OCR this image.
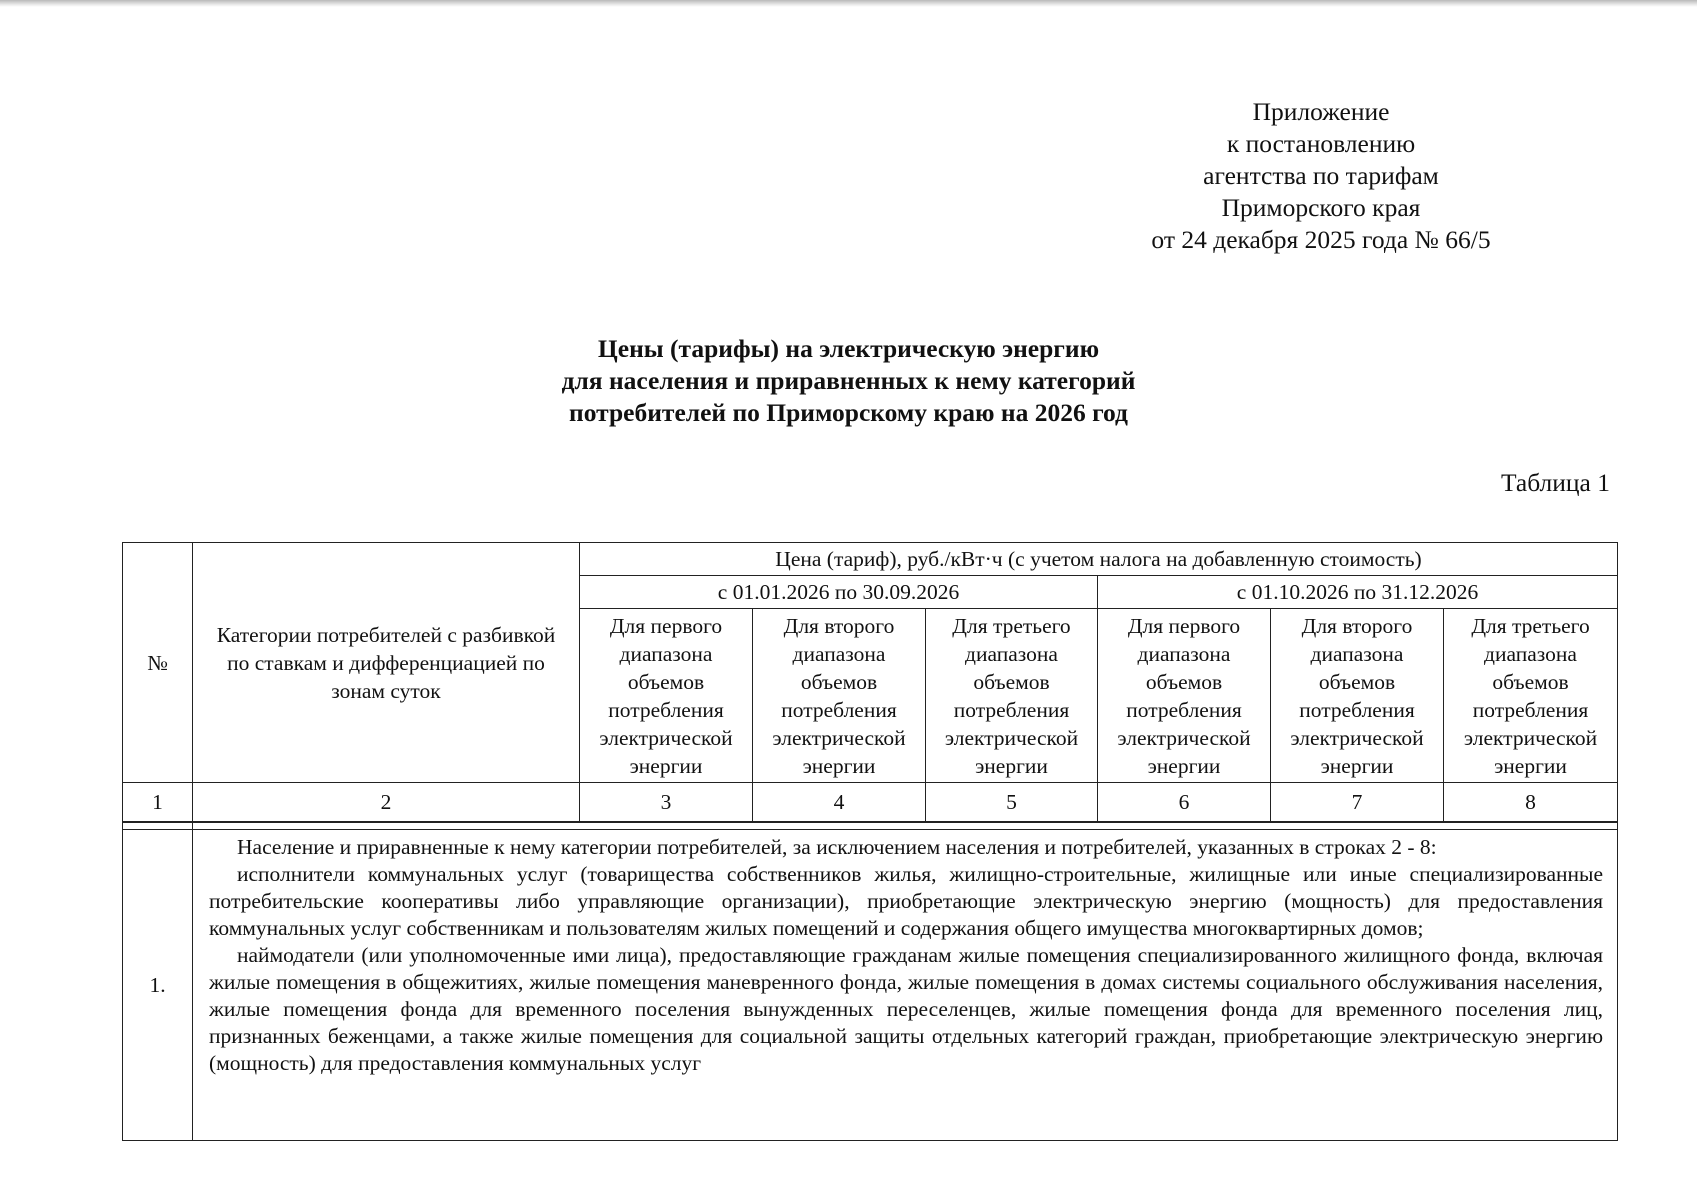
Приложение
к постановлению
агентства по тарифам
Приморского края
от 24 декабря 2025 года № 66/5
Цены (тарифы) на электрическую энергию
для населения и приравненных к нему категорий
потребителей по Приморскому краю на 2026 год
Таблица 1
№	Категории потребителей с разбивкой по ставкам и дифференциацией по зонам суток	Цена (тариф), руб./кВт·ч (с учетом налога на добавленную стоимость)					
		с 01.01.2026 по 30.09.2026			с 01.10.2026 по 31.12.2026		
		Для первого диапазона объемов потребления электрической энергии	Для второго диапазона объемов потребления электрической энергии	Для третьего диапазона объемов потребления электрической энергии	Для первого диапазона объемов потребления электрической энергии	Для второго диапазона объемов потребления электрической энергии	Для третьего диапазона объемов потребления электрической энергии
1	2	3	4	5	6	7	8

1.	Население и приравненные к нему категории потребителей, за исключением населения и потребителей, указанных в строках 2 - 8:

исполнители коммунальных услуг (товарищества собственников жилья, жилищно-строительные, жилищные или иные специализированные потребительские кооперативы либо управляющие организации), приобретающие электрическую энергию (мощность) для предоставления коммунальных услуг собственникам и пользователям жилых помещений и содержания общего имущества многоквартирных домов;

наймодатели (или уполномоченные ими лица), предоставляющие гражданам жилые помещения специализированного жилищного фонда, включая жилые помещения в общежитиях, жилые помещения маневренного фонда, жилые помещения в домах системы социального обслуживания населения, жилые помещения фонда для временного поселения вынужденных переселенцев, жилые помещения фонда для временного поселения лиц, признанных беженцами, а также жилые помещения для социальной защиты отдельных категорий граждан, приобретающие электрическую энергию (мощность) для предоставления коммунальных услуг						
